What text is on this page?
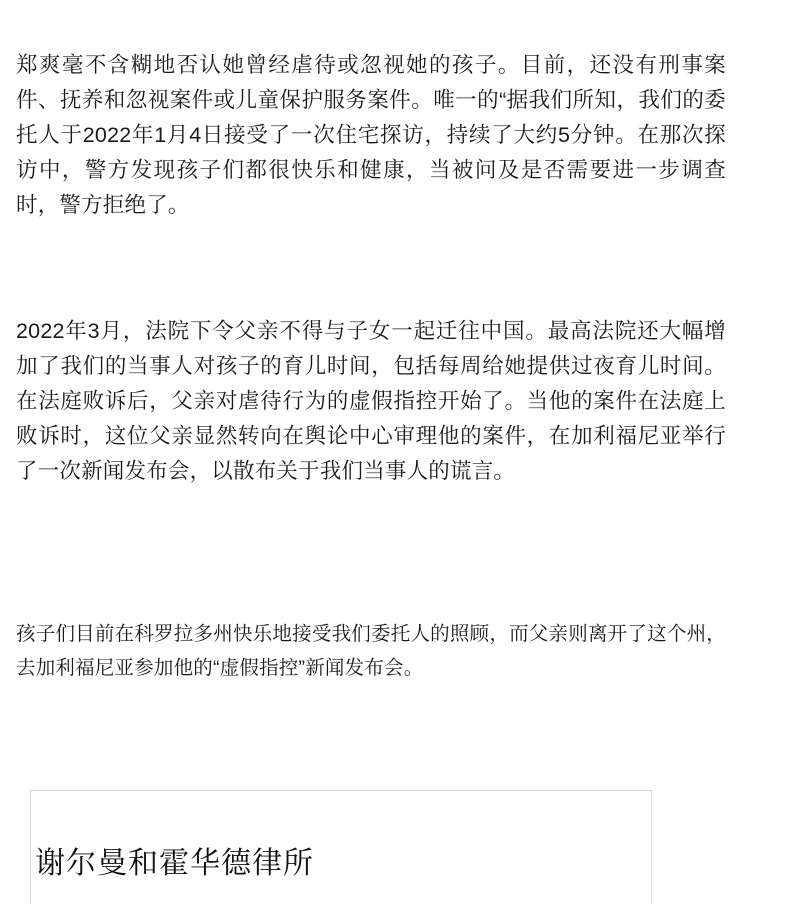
郑爽毫不含糊地否认她曾经虐待或忽视她的孩子。目前，还没有刑事案件、抚养和忽视案件或儿童保护服务案件。唯一的“据我们所知，我们的委托人于2022年1月4日接受了一次住宅探访，持续了大约5分钟。在那次探访中，警方发现孩子们都很快乐和健康，当被问及是否需要进一步调查时，警方拒绝了。

2022年3月，法院下令父亲不得与子女一起迁往中国。最高法院还大幅增加了我们的当事人对孩子的育儿时间，包括每周给她提供过夜育儿时间。在法庭败诉后，父亲对虐待行为的虚假指控开始了。当他的案件在法庭上败诉时，这位父亲显然转向在舆论中心审理他的案件，在加利福尼亚举行了一次新闻发布会，以散布关于我们当事人的谎言。

孩子们目前在科罗拉多州快乐地接受我们委托人的照顾，而父亲则离开了这个州，去加利福尼亚参加他的“虚假指控”新闻发布会。

谢尔曼和霍华德律所
